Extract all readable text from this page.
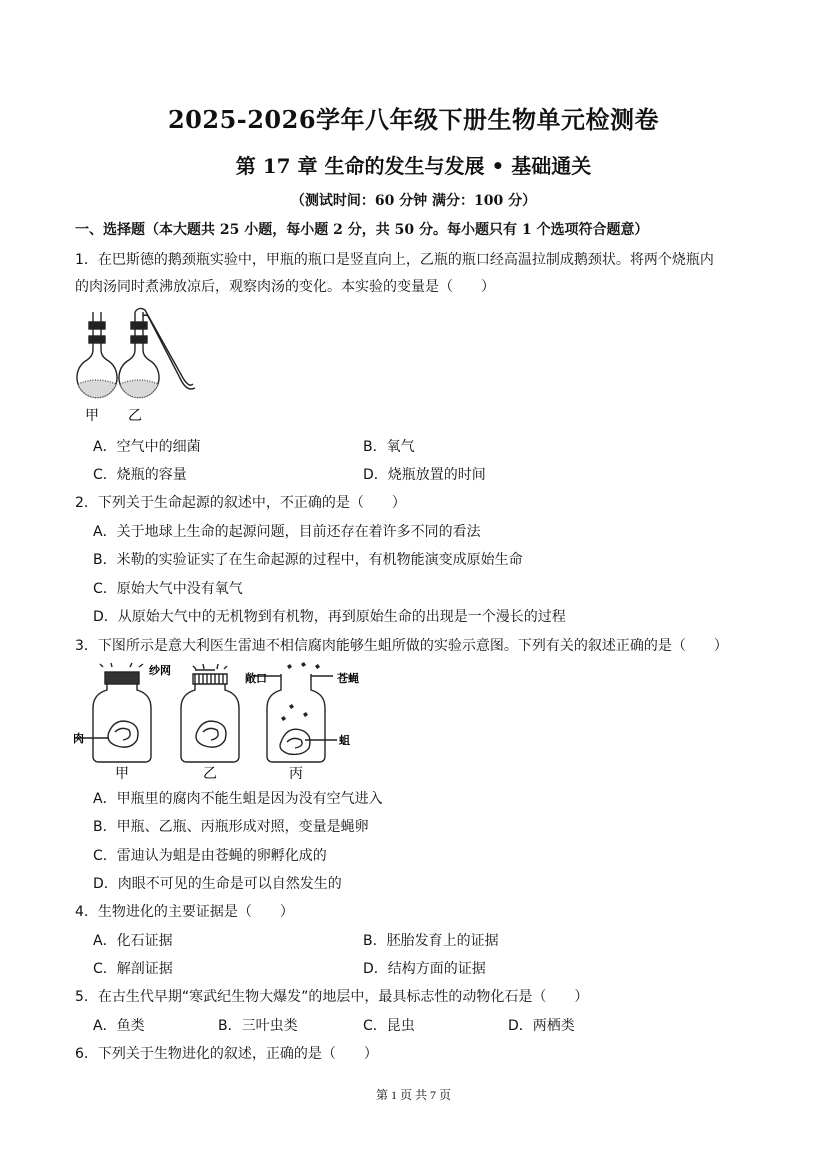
2025-2026学年八年级下册生物单元检测卷
第 17 章 生命的发生与发展 • 基础通关
（测试时间：60 分钟 满分：100 分）
一、选择题（本大题共 25 小题，每小题 2 分，共 50 分。每小题只有 1 个选项符合题意）
1．在巴斯德的鹅颈瓶实验中，甲瓶的瓶口是竖直向上，乙瓶的瓶口经高温拉制成鹅颈状。将两个烧瓶内
的肉汤同时煮沸放凉后，观察肉汤的变化。本实验的变量是（　　）
甲 乙
A．空气中的细菌	B．氧气
C．烧瓶的容量	D．烧瓶放置的时间
2．下列关于生命起源的叙述中，不正确的是（　　）
A．关于地球上生命的起源问题，目前还存在着许多不同的看法
B．米勒的实验证实了在生命起源的过程中，有机物能演变成原始生命
C．原始大气中没有氧气
D．从原始大气中的无机物到有机物，再到原始生命的出现是一个漫长的过程
3．下图所示是意大利医生雷迪不相信腐肉能够生蛆所做的实验示意图。下列有关的叙述正确的是（　　）
纱网
敞口	苍蝇
肉	蛆
甲	乙	丙
A．甲瓶里的腐肉不能生蛆是因为没有空气进入
B．甲瓶、乙瓶、丙瓶形成对照，变量是蝇卵
C．雷迪认为蛆是由苍蝇的卵孵化成的
D．肉眼不可见的生命是可以自然发生的
4．生物进化的主要证据是（　　）
A．化石证据	B．胚胎发育上的证据
C．解剖证据	D．结构方面的证据
5．在古生代早期“寒武纪生物大爆发”的地层中，最具标志性的动物化石是（　　）
A．鱼类	B．三叶虫类	C．昆虫	D．两栖类
6．下列关于生物进化的叙述，正确的是（　　）
第 1 页 共 7 页
